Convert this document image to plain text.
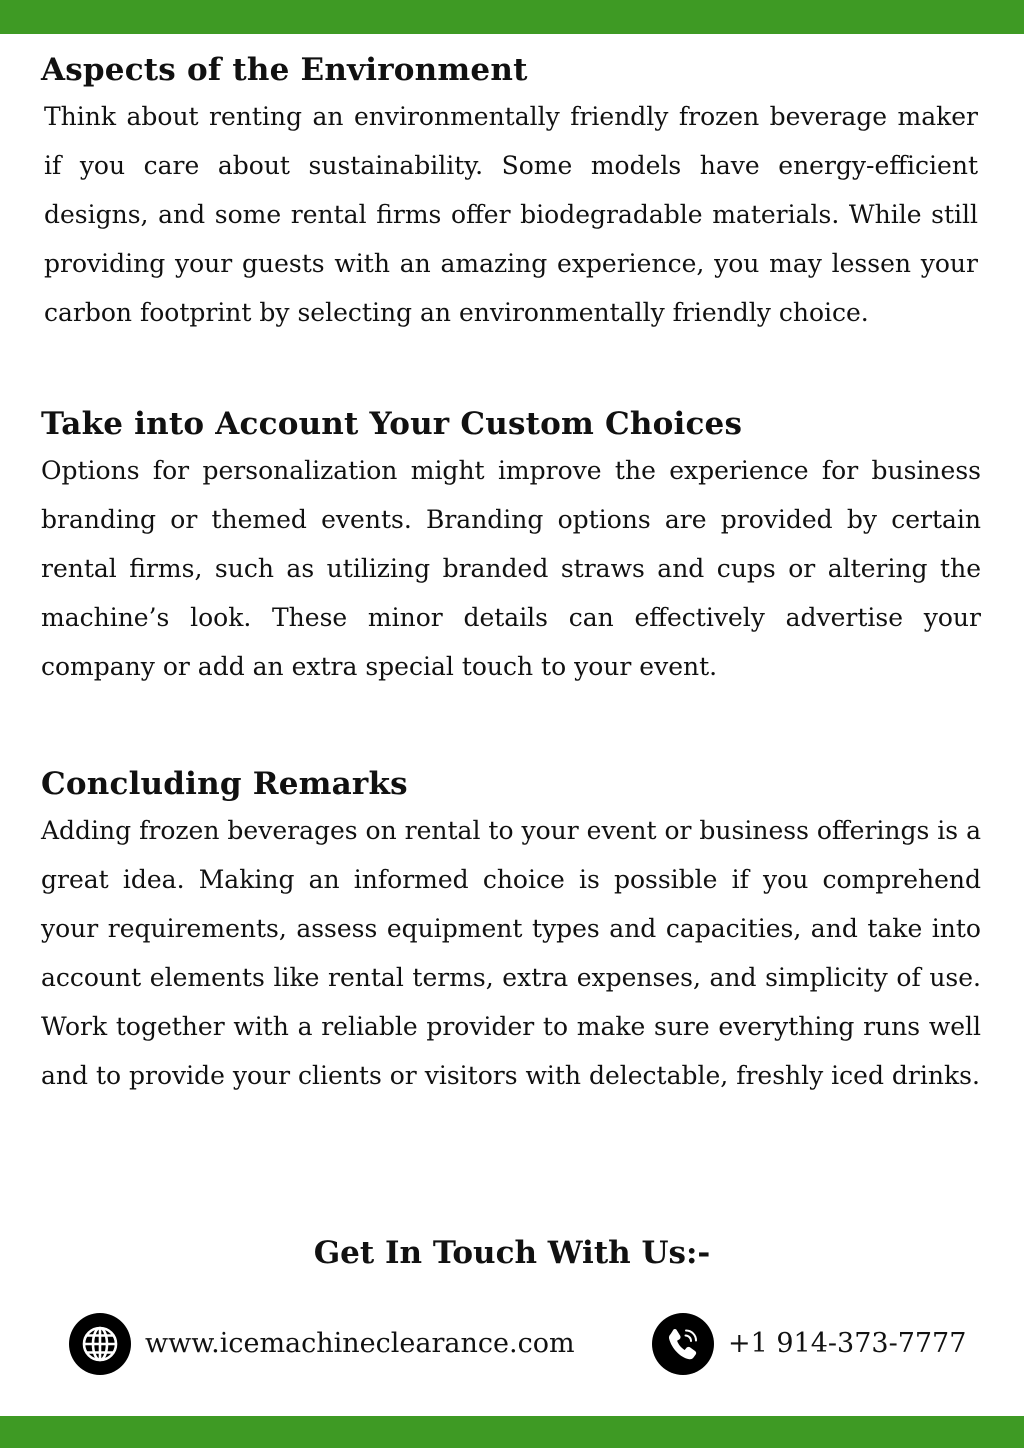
Aspects of the Environment

Think about renting an environmentally friendly frozen beverage maker if you care about sustainability. Some models have energy-efficient designs, and some rental firms offer biodegradable materials. While still providing your guests with an amazing experience, you may lessen your carbon footprint by selecting an environmentally friendly choice.

Take into Account Your Custom Choices

Options for personalization might improve the experience for business branding or themed events. Branding options are provided by certain rental firms, such as utilizing branded straws and cups or altering the machine’s look. These minor details can effectively advertise your company or add an extra special touch to your event.

Concluding Remarks

Adding frozen beverages on rental to your event or business offerings is a great idea. Making an informed choice is possible if you comprehend your requirements, assess equipment types and capacities, and take into account elements like rental terms, extra expenses, and simplicity of use. Work together with a reliable provider to make sure everything runs well and to provide your clients or visitors with delectable, freshly iced drinks.

Get In Touch With Us:-
www.icemachineclearance.com	+1 914-373-7777
